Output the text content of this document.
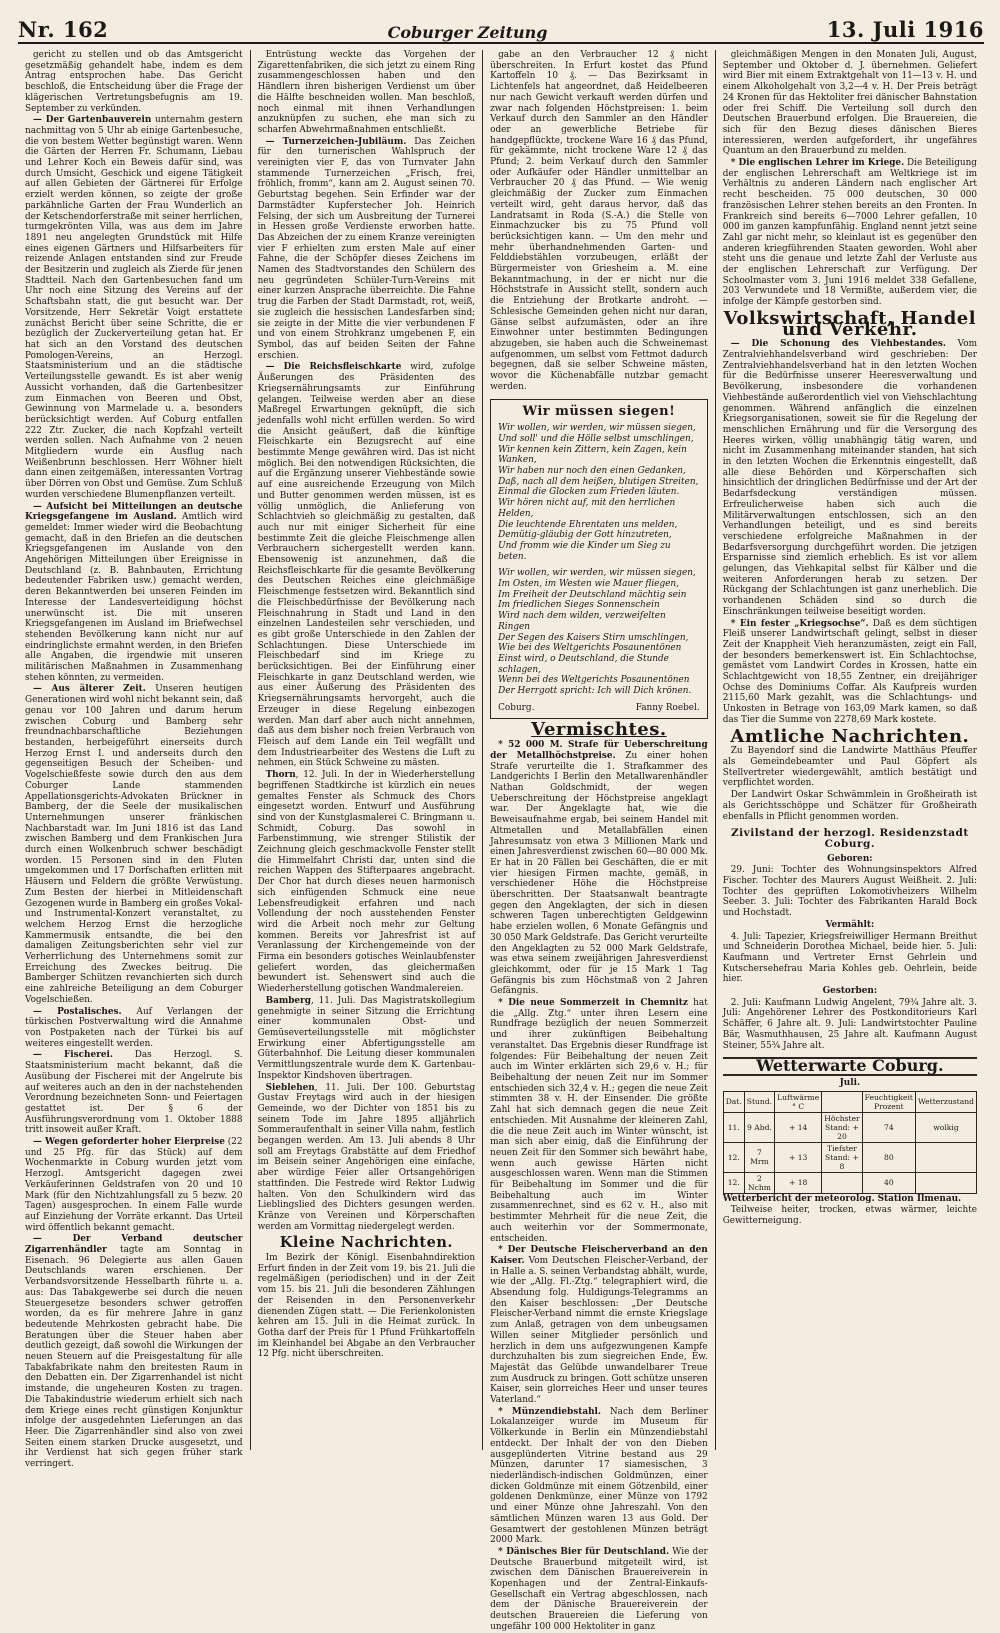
Nr. 162	Coburger Zeitung	13. Juli 1916

gericht zu stellen und ob das Amtsgericht gesetzmäßig gehandelt habe, indem es dem Antrag entsprochen habe. Das Gericht beschloß, die Entscheidung über die Frage der klägerischen Vertretungsbefugnis am 19. September zu verkünden.

— Der Gartenbauverein unternahm gestern nachmittag von 5 Uhr ab einige Gartenbesuche, die von bestem Wetter begünstigt waren. Wenn die Gärten der Herren Fr. Schumann, Liebau und Lehrer Koch ein Beweis dafür sind, was durch Umsicht, Geschick und eigene Tätigkeit auf allen Gebieten der Gärtnerei für Erfolge erzielt werden können, so zeigte der große parkähnliche Garten der Frau Wunderlich an der Ketschendorferstraße mit seiner herrlichen, turmgekrönten Villa, was aus dem im Jahre 1891 neu angelegten Grundstück mit Hilfe eines eigenen Gärtners und Hilfsarbeiters für reizende Anlagen entstanden sind zur Freude der Besitzerin und zugleich als Zierde für jenen Stadtteil. Nach den Gartenbesuchen fand um Uhr noch eine Sitzung des Vereins auf der Schaftsbahn statt, die gut besucht war. Der Vorsitzende, Herr Sekretär Voigt erstattete zunächst Bericht über seine Schritte, die er bezüglich der Zuckerverteilung getan hat. Er hat sich an den Vorstand des deutschen Pomologen-Vereins, an Herzogl. Staatsministerium und an die städtische Verteilungsstelle gewandt. Es ist aber wenig Aussicht vorhanden, daß die Gartenbesitzer zum Einmachen von Beeren und Obst, Gewinnung von Marmelade u. a. besonders berücksichtigt werden. Auf Coburg entfallen 222 Ztr. Zucker, die nach Kopfzahl verteilt werden sollen. Nach Aufnahme von 2 neuen Mitgliedern wurde ein Ausflug nach Weißenbrunn beschlossen. Herr Wöhner hielt dann einen zeitgemäßen, interessanten Vortrag über Dörren von Obst und Gemüse. Zum Schluß wurden verschiedene Blumenpflanzen verteilt.

— Aufsicht bei Mitteilungen an deutsche Kriegsgefangene im Ausland. Amtlich wird gemeldet: Immer wieder wird die Beobachtung gemacht, daß in den Briefen an die deutschen Kriegsgefangenen im Auslande von den Angehörigen Mitteilungen über Ereignisse in Deutschland (z. B. Bahnbauten, Errichtung bedeutender Fabriken usw.) gemacht werden, deren Bekanntwerden bei unseren Feinden im Interesse der Landesverteidigung höchst unerwünscht ist. Die mit unseren Kriegsgefangenen im Ausland im Briefwechsel stehenden Bevölkerung kann nicht nur auf eindringlichste ermahnt werden, in den Briefen alle Angaben, die irgendwie mit unseren militärischen Maßnahmen in Zusammenhang stehen könnten, zu vermeiden.

— Aus älterer Zeit. Unseren heutigen Generationen wird wohl nicht bekannt sein, daß genau vor 100 Jahren und darum herum zwischen Coburg und Bamberg sehr freundnachbarschaftliche Beziehungen bestanden, herbeigeführt einerseits durch Herzog Ernst I. und anderseits durch den gegenseitigen Besuch der Scheiben- und Vogelschießfeste sowie durch den aus dem Coburger Lande stammenden Appellationsgerichts-Advokaten Brückner in Bamberg, der die Seele der musikalischen Unternehmungen unserer fränkischen Nachbarstadt war. Im Juni 1816 ist das Land zwischen Bamberg und dem Frankischen Jura durch einen Wolkenbruch schwer beschädigt worden. 15 Personen sind in den Fluten umgekommen und 17 Dorfschaften erlitten mit Häusern und Feldern die größte Verwüstung. Zum Besten der hierbei in Mitleidenschaft Gezogenen wurde in Bamberg ein großes Vokal- und Instrumental-Konzert veranstaltet, zu welchem Herzog Ernst die herzogliche Kammermusik entsandte, die bei den damaligen Zeitungsberichten sehr viel zur Verherrlichung des Unternehmens somit zur Erreichung des Zweckes beitrug. Die Bamberger Schützen revanchierten sich durch eine zahlreiche Beteiligung an dem Coburger Vogelschießen.

— Postalisches. Auf Verlangen der türkischen Postverwaltung wird die Annahme von Postpaketen nach der Türkei bis auf weiteres eingestellt werden.

— Fischerei. Das Herzogl. S. Staatsministerium macht bekannt, daß die Ausübung der Fischerei mit der Angelrute bis auf weiteres auch an den in der nachstehenden Verordnung bezeichneten Sonn- und Feiertagen gestattet ist. Der § 6 der Ausführungsverordnung vom 1. Oktober 1888 tritt insoweit außer Kraft.

— Wegen geforderter hoher Eierpreise (22 und 25 Pfg. für das Stück) auf dem Wochenmarkte in Coburg wurden jetzt vom Herzogl. Amtsgericht dagegen zwei Verkäuferinnen Geldstrafen von 20 und 10 Mark (für den Nichtzahlungsfall zu 5 bezw. 20 Tagen) ausgesprochen. In einem Falle wurde auf Einziehung der Vorräte erkannt. Das Urteil wird öffentlich bekannt gemacht.

— Der Verband deutscher Zigarrenhändler tagte am Sonntag in Eisenach. 96 Delegierte aus allen Gauen Deutschlands waren erschienen. Der Verbandsvorsitzende Hesselbarth führte u. a. aus: Das Tabakgewerbe sei durch die neuen Steuergesetze besonders schwer getroffen worden, da es für mehrere Jahre in ganz bedeutende Mehrkosten gebracht habe. Die Beratungen über die Steuer haben aber deutlich gezeigt, daß sowohl die Wirkungen der neuen Steuern auf die Preisgestaltung für alle Tabakfabrikate nahm den breitesten Raum in den Debatten ein. Der Zigarrenhandel ist nicht imstande, die ungeheuren Kosten zu tragen. Die Tabakindustrie wiederum erhielt sich nach dem Kriege eines recht günstigen Konjunktur infolge der ausgedehnten Lieferungen an das Heer. Die Zigarrenhändler sind also von zwei Seiten einem starken Drucke ausgesetzt, und ihr Verdienst hat sich gegen früher stark verringert.

Entrüstung weckte das Vorgehen der Zigarettenfabriken, die sich jetzt zu einem Ring zusammengeschlossen haben und den Händlern ihren bisherigen Verdienst um über die Hälfte beschneiden wollen. Man beschloß, noch einmal mit ihnen Verhandlungen anzuknüpfen zu suchen, ehe man sich zu scharfen Abwehrmaßnahmen entschließt.

— Turnerzeichen-Jubiläum. Das Zeichen für den turnerischen Wahlspruch der vereinigten vier F, das von Turnvater Jahn stammende Turnerzeichen „Frisch, frei, fröhlich, fromm“, kann am 2. August seinen 70. Geburtstag begehen. Sein Erfinder war der Darmstädter Kupferstecher Joh. Heinrich Felsing, der sich um Ausbreitung der Turnerei in Hessen große Verdienste erworben hatte. Das Abzeichen der zu einem Kranze vereinigten vier F erhielten zum ersten Male auf einer Fahne, die der Schöpfer dieses Zeichens im Namen des Stadtvorstandes den Schülern des neu gegründeten Schüler-Turn-Vereins mit einer kurzen Ansprache überreichte. Die Fahne trug die Farben der Stadt Darmstadt, rot, weiß, sie zugleich die hessischen Landesfarben sind; sie zeigte in der Mitte die vier verbundenen F und von einem Strohkranz umgebenen F, ein Symbol, das auf beiden Seiten der Fahne erschien.

— Die Reichsfleischkarte wird, zufolge Äußerungen des Präsidenten des Kriegsernährungsamts zur Einführung gelangen. Teilweise werden aber an diese Maßregel Erwartungen geknüpft, die sich jedenfalls wohl nicht erfüllen werden. So wird die Ansicht geäußert, daß die künftige Fleischkarte ein Bezugsrecht auf eine bestimmte Menge gewähren wird. Das ist nicht möglich. Bei den notwendigen Rücksichten, die auf die Ergänzung unserer Viehbestände sowie auf eine ausreichende Erzeugung von Milch und Butter genommen werden müssen, ist es völlig unmöglich, die Anlieferung von Schlachtvieh so gleichmäßig zu gestalten, daß auch nur mit einiger Sicherheit für eine bestimmte Zeit die gleiche Fleischmenge allen Verbrauchern sichergestellt werden kann. Ebensowenig ist anzunehmen, daß die Reichsfleischkarte für die gesamte Bevölkerung des Deutschen Reiches eine gleichmäßige Fleischmenge festsetzen wird. Bekanntlich sind die Fleischbedürfnisse der Bevölkerung nach Fleischnahrung in Stadt und Land in den einzelnen Landesteilen sehr verschieden, und es gibt große Unterschiede in den Zahlen der Schlachtungen. Diese Unterschiede im Fleischbedarf sind im Kriege zu berücksichtigen. Bei der Einführung einer Fleischkarte in ganz Deutschland werden, wie aus einer Äußerung des Präsidenten des Kriegsernährungsamts hervorgeht, auch die Erzeuger in diese Regelung einbezogen werden. Man darf aber auch nicht annehmen, daß aus dem bisher noch freien Verbrauch von Fleisch auf dem Lande ein Teil wegfällt und dem Industriearbeiter des Westens die Luft zu nehmen, ein Stück Schweine zu mästen.

Thorn, 12. Juli. In der in Wiederherstellung begriffenen Stadtkirche ist kürzlich ein neues gemaltes Fenster als Schmuck des Chors eingesetzt worden. Entwurf und Ausführung sind von der Kunstglasmalerei C. Bringmann u. Schmidt, Coburg. Das sowohl in Farbenstimmung, wie strenger Stilistik der Zeichnung gleich geschmackvolle Fenster stellt die Himmelfahrt Christi dar, unten sind die reichen Wappen des Stifterpaares angebracht. Der Chor hat durch dieses neuen harmonisch sich einfügenden Schmuck eine neue Lebensfreudigkeit erfahren und nach Vollendung der noch ausstehenden Fenster wird die Arbeit noch mehr zur Geltung kommen. Bereits vor Jahresfrist ist auf Veranlassung der Kirchengemeinde von der Firma ein besonders gotisches Weinlaubfenster geliefert worden, das gleichermaßen bewundert ist. Sehenswert sind auch die Wiederherstellung gotischen Wandmalereien.

Bamberg, 11. Juli. Das Magistratskollegium genehmigte in seiner Sitzung die Errichtung einer kommunalen Obst- und Gemüseverteilungsstelle mit möglichster Erwirkung einer Abfertigungsstelle am Güterbahnhof. Die Leitung dieser kommunalen Vermittlungszentrale wurde dem K. Gartenbau-Inspektor Kindshoven übertragen.

Sieblehen, 11. Juli. Der 100. Geburtstag Gustav Freytags wird auch in der hiesigen Gemeinde, wo der Dichter von 1851 bis zu seinem Tode im Jahre 1895 alljährlich Sommeraufenthalt in seiner Villa nahm, festlich begangen werden. Am 13. Juli abends 8 Uhr soll am Freytags Grabstätte auf dem Friedhof im Beisein seiner Angehörigen eine einfache, aber würdige Feier aller Ortsangehörigen stattfinden. Die Festrede wird Rektor Ludwig halten. Von den Schulkindern wird das Lieblingslied des Dichters gesungen werden. Kränze von Vereinen und Körperschaften werden am Vormittag niedergelegt werden.

Kleine Nachrichten.

Im Bezirk der Königl. Eisenbahndirektion Erfurt finden in der Zeit vom 19. bis 21. Juli die regelmäßigen (periodischen) und in der Zeit vom 15. bis 21. Juli die besonderen Zählungen der Reisenden in den Personenverkehr dienenden Zügen statt. — Die Ferienkolonisten kehren am 15. Juli in die Heimat zurück. In Gotha darf der Preis für 1 Pfund Frühkartoffeln im Kleinhandel bei Abgabe an den Verbraucher 12 Pfg. nicht überschreiten.

gabe an den Verbraucher 12 ₰ nicht überschreiten. In Erfurt kostet das Pfund Kartoffeln 10 ₰. — Das Bezirksamt in Lichtenfels hat angeordnet, daß Heidelbeeren nur nach Gewicht verkauft werden dürfen und zwar nach folgenden Höchstpreisen: 1. beim Verkauf durch den Sammler an den Händler oder an gewerbliche Betriebe für handgepflückte, trockene Ware 16 ₰ das Pfund, für gekämmte, nicht trockene Ware 12 ₰ das Pfund; 2. beim Verkauf durch den Sammler oder Aufkäufer oder Händler unmittelbar an Verbraucher 20 ₰ das Pfund. — Wie wenig gleichmäßig der Zucker zum Einmachen verteilt wird, geht daraus hervor, daß das Landratsamt in Roda (S.-A.) die Stelle von Einmachzucker bis zu 75 Pfund voll berücksichtigen kann. — Um den mehr und mehr überhandnehmenden Garten- und Felddiebstählen vorzubeugen, erläßt der Bürgermeister von Griesheim a. M. eine Bekanntmachung, in der er nicht nur die Höchststrafe in Aussicht stellt, sondern auch die Entziehung der Brotkarte androht. — Schlesische Gemeinden gehen nicht nur daran, Gänse selbst aufzumästen, oder an ihre Einwohner unter bestimmten Bedingungen abzugeben, sie haben auch die Schweinemast aufgenommen, um selbst vom Fettmot dadurch begegnen, daß sie selber Schweine mästen, wovor die Küchenabfälle nutzbar gemacht werden.

Wir müssen siegen!
Wir wollen, wir werden, wir müssen siegen,
Und soll' und die Hölle selbst umschlingen,
Wir kennen kein Zittern, kein Zagen, kein Wanken,
Wir haben nur noch den einen Gedanken,
Daß, nach all dem heißen, blutigen Streiten,
Einmal die Glocken zum Frieden läuten.
Wir hören nicht auf, mit den herrlichen Helden,
Die leuchtende Ehrentaten uns melden,
Demütig-gläubig der Gott hinzutreten,
Und fromm wie die Kinder um Sieg zu beten.
Wir wollen, wir werden, wir müssen siegen,
Im Osten, im Westen wie Mauer fliegen,
Im Freiheit der Deutschland mächtig sein
Im friedlichen Sieges Sonnenschein
Wird nach dem wilden, verzweifelten Ringen
Der Segen des Kaisers Stirn umschlingen,
Wie bei des Weltgerichts Posaunentönen
Einst wird, o Deutschland, die Stunde schlagen,
Wenn bei des Weltgerichts Posaunentönen
Der Herrgott spricht: Ich will Dich krönen.
Coburg.	Fanny Roebel.
Vermischtes.

* 52 000 M. Strafe für Ueberschreitung der Metallhöchstpreise. Zu einer hohen Strafe verurteilte die 1. Strafkammer des Landgerichts I Berlin den Metallwarenhändler Nathan Goldschmidt, der wegen Ueberschreitung der Höchstpreise angeklagt war. Der Angeklagte hat, wie die Beweisaufnahme ergab, bei seinem Handel mit Altmetallen und Metallabfällen einen Jahresumsatz von etwa 3 Millionen Mark und einen Jahresverdienst zwischen 60—80 000 Mk. Er hat in 20 Fällen bei Geschäften, die er mit vier hiesigen Firmen machte, gemäß, in verschiedener Höhe die Höchstpreise überschritten. Der Staatsanwalt beantragte gegen den Angeklagten, der sich in diesen schweren Tagen unberechtigten Geldgewinn habe erzielen wollen, 6 Monate Gefängnis und 30 050 Mark Geldstrafe. Das Gericht verurteilte den Angeklagten zu 52 000 Mark Geldstrafe, was etwa seinem zweijährigen Jahresverdienst gleichkommt, oder für je 15 Mark 1 Tag Gefängnis bis zum Höchstmaß von 2 Jahren Gefängnis.

* Die neue Sommerzeit in Chemnitz hat die „Allg. Ztg.“ unter ihren Lesern eine Rundfrage bezüglich der neuen Sommerzeit und ihrer zukünftigen Beibehaltung veranstaltet. Das Ergebnis dieser Rundfrage ist folgendes: Für Beibehaltung der neuen Zeit auch im Winter erklärten sich 29,6 v. H.; für Beibehaltung der neuen Zeit nur im Sommer entschieden sich 32,4 v. H.; gegen die neue Zeit stimmten 38 v. H. der Einsender. Die größte Zahl hat sich demnach gegen die neue Zeit entschieden. Mit Ausnahme der kleineren Zahl, die die neue Zeit auch im Winter wünscht, ist man sich aber einig, daß die Einführung der neuen Zeit für den Sommer sich bewährt habe, wenn auch gewisse Härten nicht ausgeschlossen waren. Wenn man die Stimmen für Beibehaltung im Sommer und die für Beibehaltung auch im Winter zusammenrechnet, sind es 62 v. H., also mit bestimmter Mehrheit für die neue Zeit, die auch weiterhin vor der Sommermonate, entscheiden.

* Der Deutsche Fleischerverband an den Kaiser. Vom Deutschen Fleischer-Verband, der in Halle a. S. seinen Verbandstag abhält, wurde, wie der „Allg. Fl.-Ztg.“ telegraphiert wird, die Absendung folg. Huldigungs-Telegramms an den Kaiser beschlossen: „Der Deutsche Fleischer-Verband nimmt die ernste Kriegslage zum Anlaß, getragen von dem unbeugsamen Willen seiner Mitglieder persönlich und herzlich in dem uns aufgezwungenen Kampfe durchzuhalten bis zum siegreichen Ende, Ew. Majestät das Gelübde unwandelbarer Treue zum Ausdruck zu bringen. Gott schütze unseren Kaiser, sein glorreiches Heer und unser teures Vaterland.“

* Münzendiebstahl. Nach dem Berliner Lokalanzeiger wurde im Museum für Völkerkunde in Berlin ein Münzendiebstahl entdeckt. Der Inhalt der von den Dieben ausgeplünderten Vitrine bestand aus 29 Münzen, darunter 17 siamesischen, 3 niederländisch-indischen Goldmünzen, einer dicken Goldmünze mit einem Götzenbild, einer goldenen Denkmünze, einer Münze von 1792 und einer Münze ohne Jahreszahl. Von den sämtlichen Münzen waren 13 aus Gold. Der Gesamtwert der gestohlenen Münzen beträgt 2000 Mark.

* Dänisches Bier für Deutschland. Wie der Deutsche Brauerbund mitgeteilt wird, ist zwischen dem Dänischen Brauereiverein in Kopenhagen und der Zentral-Einkaufs-Gesellschaft ein Vertrag abgeschlossen, nach dem der Dänische Brauereiverein der deutschen Brauereien die Lieferung von ungefähr 100 000 Hektoliter in ganz

gleichmäßigen Mengen in den Monaten Juli, August, September und Oktober d. J. übernehmen. Geliefert wird Bier mit einem Extraktgehalt von 11—13 v. H. und einem Alkoholgehalt von 3,2—4 v. H. Der Preis beträgt 24 Kronen für das Hektoliter frei dänischer Bahnstation oder frei Schiff. Die Verteilung soll durch den Deutschen Brauerbund erfolgen. Die Brauereien, die sich für den Bezug dieses dänischen Bieres interessieren, werden aufgefordert, ihr ungefähres Quantum an den Brauerbund zu melden.

* Die englischen Lehrer im Kriege. Die Beteiligung der englischen Lehrerschaft am Weltkriege ist im Verhältnis zu anderen Ländern nach englischer Art recht bescheiden. 75 000 deutschen, 30 000 französischen Lehrer stehen bereits an den Fronten. In Frankreich sind bereits 6—7000 Lehrer gefallen, 10 000 im ganzen kampfunfähig. England nennt jetzt seine Zahl gar nicht mehr, so kleinlaut ist es gegenüber den anderen kriegführenden Staaten geworden. Wohl aber steht uns die genaue und letzte Zahl der Verluste aus der englischen Lehrerschaft zur Verfügung. Der Schoolmaster vom 3. Juni 1916 meldet 338 Gefallene, 203 Verwundete und 18 Vermißte, außerdem vier, die infolge der Kämpfe gestorben sind.

Volkswirtschaft, Handel und Verkehr.

— Die Schonung des Viehbestandes. Vom Zentralviehhandelsverband wird geschrieben: Der Zentralviehhandelsverband hat in den letzten Wochen für die Bedürfnisse unserer Heeresverwaltung und Bevölkerung, insbesondere die vorhandenen Viehbestände außerordentlich viel von Viehschlachtung genommen. Während anfänglich die einzelnen Kriegsorganisationen, soweit sie für die Regelung der menschlichen Ernährung und für die Versorgung des Heeres wirken, völlig unabhängig tätig waren, und nicht im Zusammenhang miteinander standen, hat sich in den letzten Wochen die Erkenntnis eingestellt, daß alle diese Behörden und Körperschaften sich hinsichtlich der dringlichen Bedürfnisse und der Art der Bedarfsdeckung verständigen müssen. Erfreulicherweise haben sich auch die Militärverwaltungen entschlossen, sich an den Verhandlungen beteiligt, und es sind bereits verschiedene erfolgreiche Maßnahmen in der Bedarfsversorgung durchgeführt worden. Die jetzigen Ersparnisse sind ziemlich erheblich. Es ist vor allem gelungen, das Viehkapital selbst für Kälber und die weiteren Anforderungen herab zu setzen. Der Rückgang der Schlachtungen ist ganz unerheblich. Die vorhandenen Schäden sind so durch die Einschränkungen teilweise beseitigt worden.

* Ein fester „Kriegsochse“. Daß es dem süchtigen Fleiß unserer Landwirtschaft gelingt, selbst in dieser Zeit der Knappheit Vieh heranzumästen, zeigt ein Fall, der besonders bemerkenswert ist. Ein Schlachtochse, gemästet vom Landwirt Cordes in Krossen, hatte ein Schlachtgewicht von 18,55 Zentner, ein dreijähriger Ochse des Dominiums Coffar. Als Kaufpreis wurden 2115,60 Mark gezahlt, was die Schlachtungs- und Unkosten in Betrage von 163,09 Mark kamen, so daß das Tier die Summe von 2278,69 Mark kostete.

Amtliche Nachrichten.

Zu Bayendorf sind die Landwirte Matthäus Pfeuffer als Gemeindebeamter und Paul Göpfert als Stellvertreter wiedergewählt, amtlich bestätigt und verpflichtet worden.

Der Landwirt Oskar Schwämmlein in Großheirath ist als Gerichtsschöppe und Schätzer für Großheirath ebenfalls in Pflicht genommen worden.

Zivilstand der herzogl. Residenzstadt Coburg.

Geboren:

29. Juni: Tochter des Wohnungsinspektors Alfred Fischer. Tochter des Maurers August Weißheit. 2. Juli: Tochter des geprüften Lokomotivheizers Wilhelm Seeber. 3. Juli: Tochter des Fabrikanten Harald Bock und Hochstadt.

Vermählt:

4. Juli: Tapezier, Kriegsfreiwilliger Hermann Breithut und Schneiderin Dorothea Michael, beide hier. 5. Juli: Kaufmann und Vertreter Ernst Gehrlein und Kutschersehefrau Maria Kohles geb. Oehrlein, beide hier.

Gestorben:

2. Juli: Kaufmann Ludwig Angelent, 79¾ Jahre alt. 3. Juli: Angehörener Lehrer des Postkonditorieurs Karl Schäffer, 6 Jahre alt. 9. Juli: Landwirtstochter Pauline Bär, Wasmuthhausen, 25 Jahre alt. Kaufmann August Steiner, 55¾ Jahre alt.

Wetterwarte Coburg.
Juli.
Dat.	Stund.	Luftwärme ° C		Feuchtigkeit Prozent	Wetterzustand
11.	9 Abd.	+ 14	Höchster Stand: + 20	74	wolkig
12.	7 Mrm	+ 13	Tiefster Stand: + 8	80	
12.	2 Nchm	+ 18		40	

Wetterbericht der meteorolog. Station Ilmenau.

Teilweise heiter, trocken, etwas wärmer, leichte Gewitterneigung.
